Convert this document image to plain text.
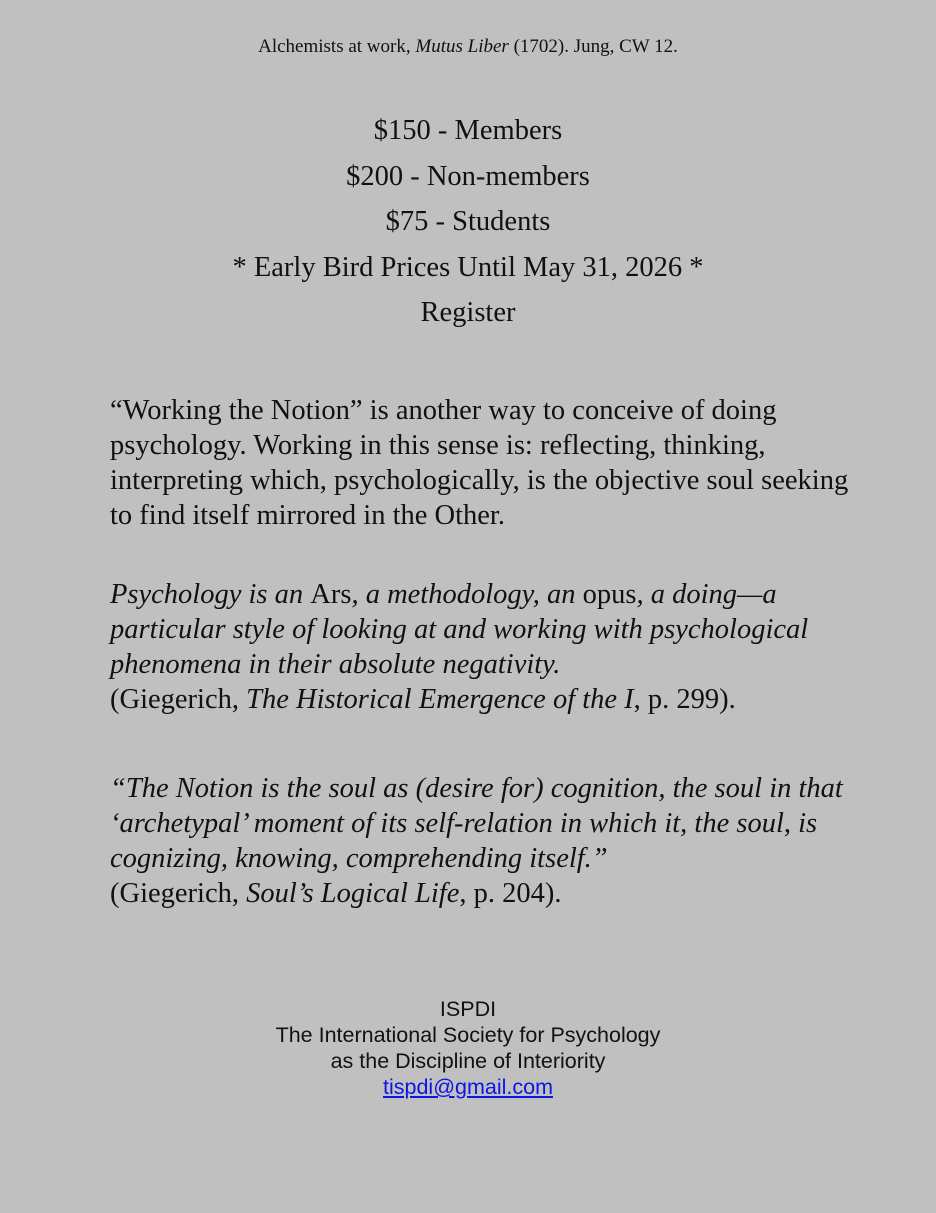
Alchemists at work, Mutus Liber (1702). Jung, CW 12.
$150 - Members
$200 - Non-members
$75 - Students
* Early Bird Prices Until May 31, 2026 *
Register
“Working the Notion” is another way to conceive of doing psychology. Working in this sense is: reflecting, thinking, interpreting which, psychologically, is the objective soul seeking to find itself mirrored in the Other.
Psychology is an Ars, a methodology, an opus, a doing—a particular style of looking at and working with psychological phenomena in their absolute negativity.
(Giegerich, The Historical Emergence of the I, p. 299).
“The Notion is the soul as (desire for) cognition, the soul in that ‘archetypal’ moment of its self-relation in which it, the soul, is cognizing, knowing, comprehending itself.”
(Giegerich, Soul’s Logical Life, p. 204).
ISPDI
The International Society for Psychology
as the Discipline of Interiority
tispdi@gmail.com
